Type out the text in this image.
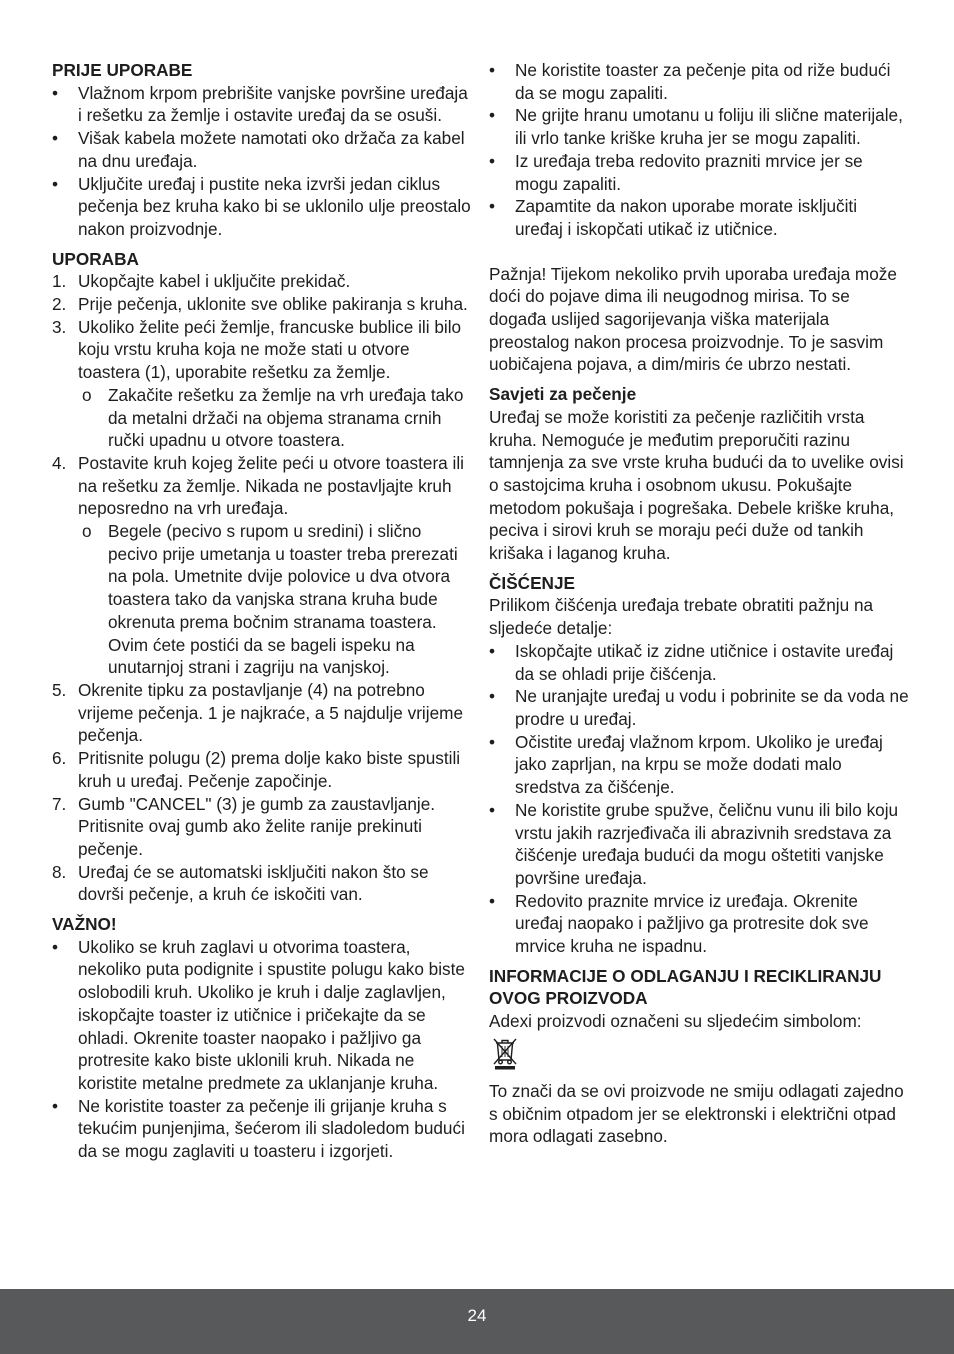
PRIJE UPORABE
• Vlažnom krpom prebrišite vanjske površine uređaja i rešetku za žemlje i ostavite uređaj da se osuši.
• Višak kabela možete namotati oko držača za kabel na dnu uređaja.
• Uključite uređaj i pustite neka izvrši jedan ciklus pečenja bez kruha kako bi se uklonilo ulje preostalo nakon proizvodnje.
UPORABA
1. Ukopčajte kabel i uključite prekidač.
2. Prije pečenja, uklonite sve oblike pakiranja s kruha.
3. Ukoliko želite peći žemlje, francuske bublice ili bilo koju vrstu kruha koja ne može stati u otvore toastera (1), uporabite rešetku za žemlje.
o Zakačite rešetku za žemlje na vrh uređaja tako da metalni držači na objema stranama crnih ručki upadnu u otvore toastera.
4. Postavite kruh kojeg želite peći u otvore toastera ili na rešetku za žemlje. Nikada ne postavljajte kruh neposredno na vrh uređaja.
o Begele (pecivo s rupom u sredini) i slično pecivo prije umetanja u toaster treba prerezati na pola. Umetnite dvije polovice u dva otvora toastera tako da vanjska strana kruha bude okrenuta prema bočnim stranama toastera. Ovim ćete postići da se bageli ispeku na unutarnjoj strani i zagriju na vanjskoj.
5. Okrenite tipku za postavljanje (4) na potrebno vrijeme pečenja. 1 je najkraće, a 5 najdulje vrijeme pečenja.
6. Pritisnite polugu (2) prema dolje kako biste spustili kruh u uređaj. Pečenje započinje.
7. Gumb "CANCEL" (3) je gumb za zaustavljanje. Pritisnite ovaj gumb ako želite ranije prekinuti pečenje.
8. Uređaj će se automatski isključiti nakon što se dovrši pečenje, a kruh će iskočiti van.
VAŽNO!
• Ukoliko se kruh zaglavi u otvorima toastera, nekoliko puta podignite i spustite polugu kako biste oslobodili kruh. Ukoliko je kruh i dalje zaglavljen, iskopčajte toaster iz utičnice i pričekajte da se ohladi. Okrenite toaster naopako i pažljivo ga protresite kako biste uklonili kruh. Nikada ne koristite metalne predmete za uklanjanje kruha.
• Ne koristite toaster za pečenje ili grijanje kruha s tekućim punjenjima, šećerom ili sladoledom budući da se mogu zaglaviti u toasteru i izgorjeti.
• Ne koristite toaster za pečenje pita od riže budući da se mogu zapaliti.
• Ne grijte hranu umotanu u foliju ili slične materijale, ili vrlo tanke kriške kruha jer se mogu zapaliti.
• Iz uređaja treba redovito prazniti mrvice jer se mogu zapaliti.
• Zapamtite da nakon uporabe morate isključiti uređaj i iskopčati utikač iz utičnice.
Pažnja! Tijekom nekoliko prvih uporaba uređaja može doći do pojave dima ili neugodnog mirisa. To se događa uslijed sagorijevanja viška materijala preostalog nakon procesa proizvodnje. To je sasvim uobičajena pojava, a dim/miris će ubrzo nestati.
Savjeti za pečenje
Uređaj se može koristiti za pečenje različitih vrsta kruha. Nemoguće je međutim preporučiti razinu tamnjenja za sve vrste kruha budući da to uvelike ovisi o sastojcima kruha i osobnom ukusu. Pokušajte metodom pokušaja i pogrešaka. Debele kriške kruha, peciva i sirovi kruh se moraju peći duže od tankih krišaka i laganog kruha.
ČIŠĆENJE
Prilikom čišćenja uređaja trebate obratiti pažnju na sljedeće detalje:
• Iskopčajte utikač iz zidne utičnice i ostavite uređaj da se ohladi prije čišćenja.
• Ne uranjajte uređaj u vodu i pobrinite se da voda ne prodre u uređaj.
• Očistite uređaj vlažnom krpom. Ukoliko je uređaj jako zaprljan, na krpu se može dodati malo sredstva za čišćenje.
• Ne koristite grube spužve, čeličnu vunu ili bilo koju vrstu jakih razrjeđivača ili abrazivnih sredstava za čišćenje uređaja budući da mogu oštetiti vanjske površine uređaja.
• Redovito praznite mrvice iz uređaja. Okrenite uređaj naopako i pažljivo ga protresite dok sve mrvice kruha ne ispadnu.
INFORMACIJE O ODLAGANJU I RECIKLIRANJU OVOG PROIZVODA
Adexi proizvodi označeni su sljedećim simbolom:
To znači da se ovi proizvode ne smiju odlagati zajedno s običnim otpadom jer se elektronski i električni otpad mora odlagati zasebno.
24
